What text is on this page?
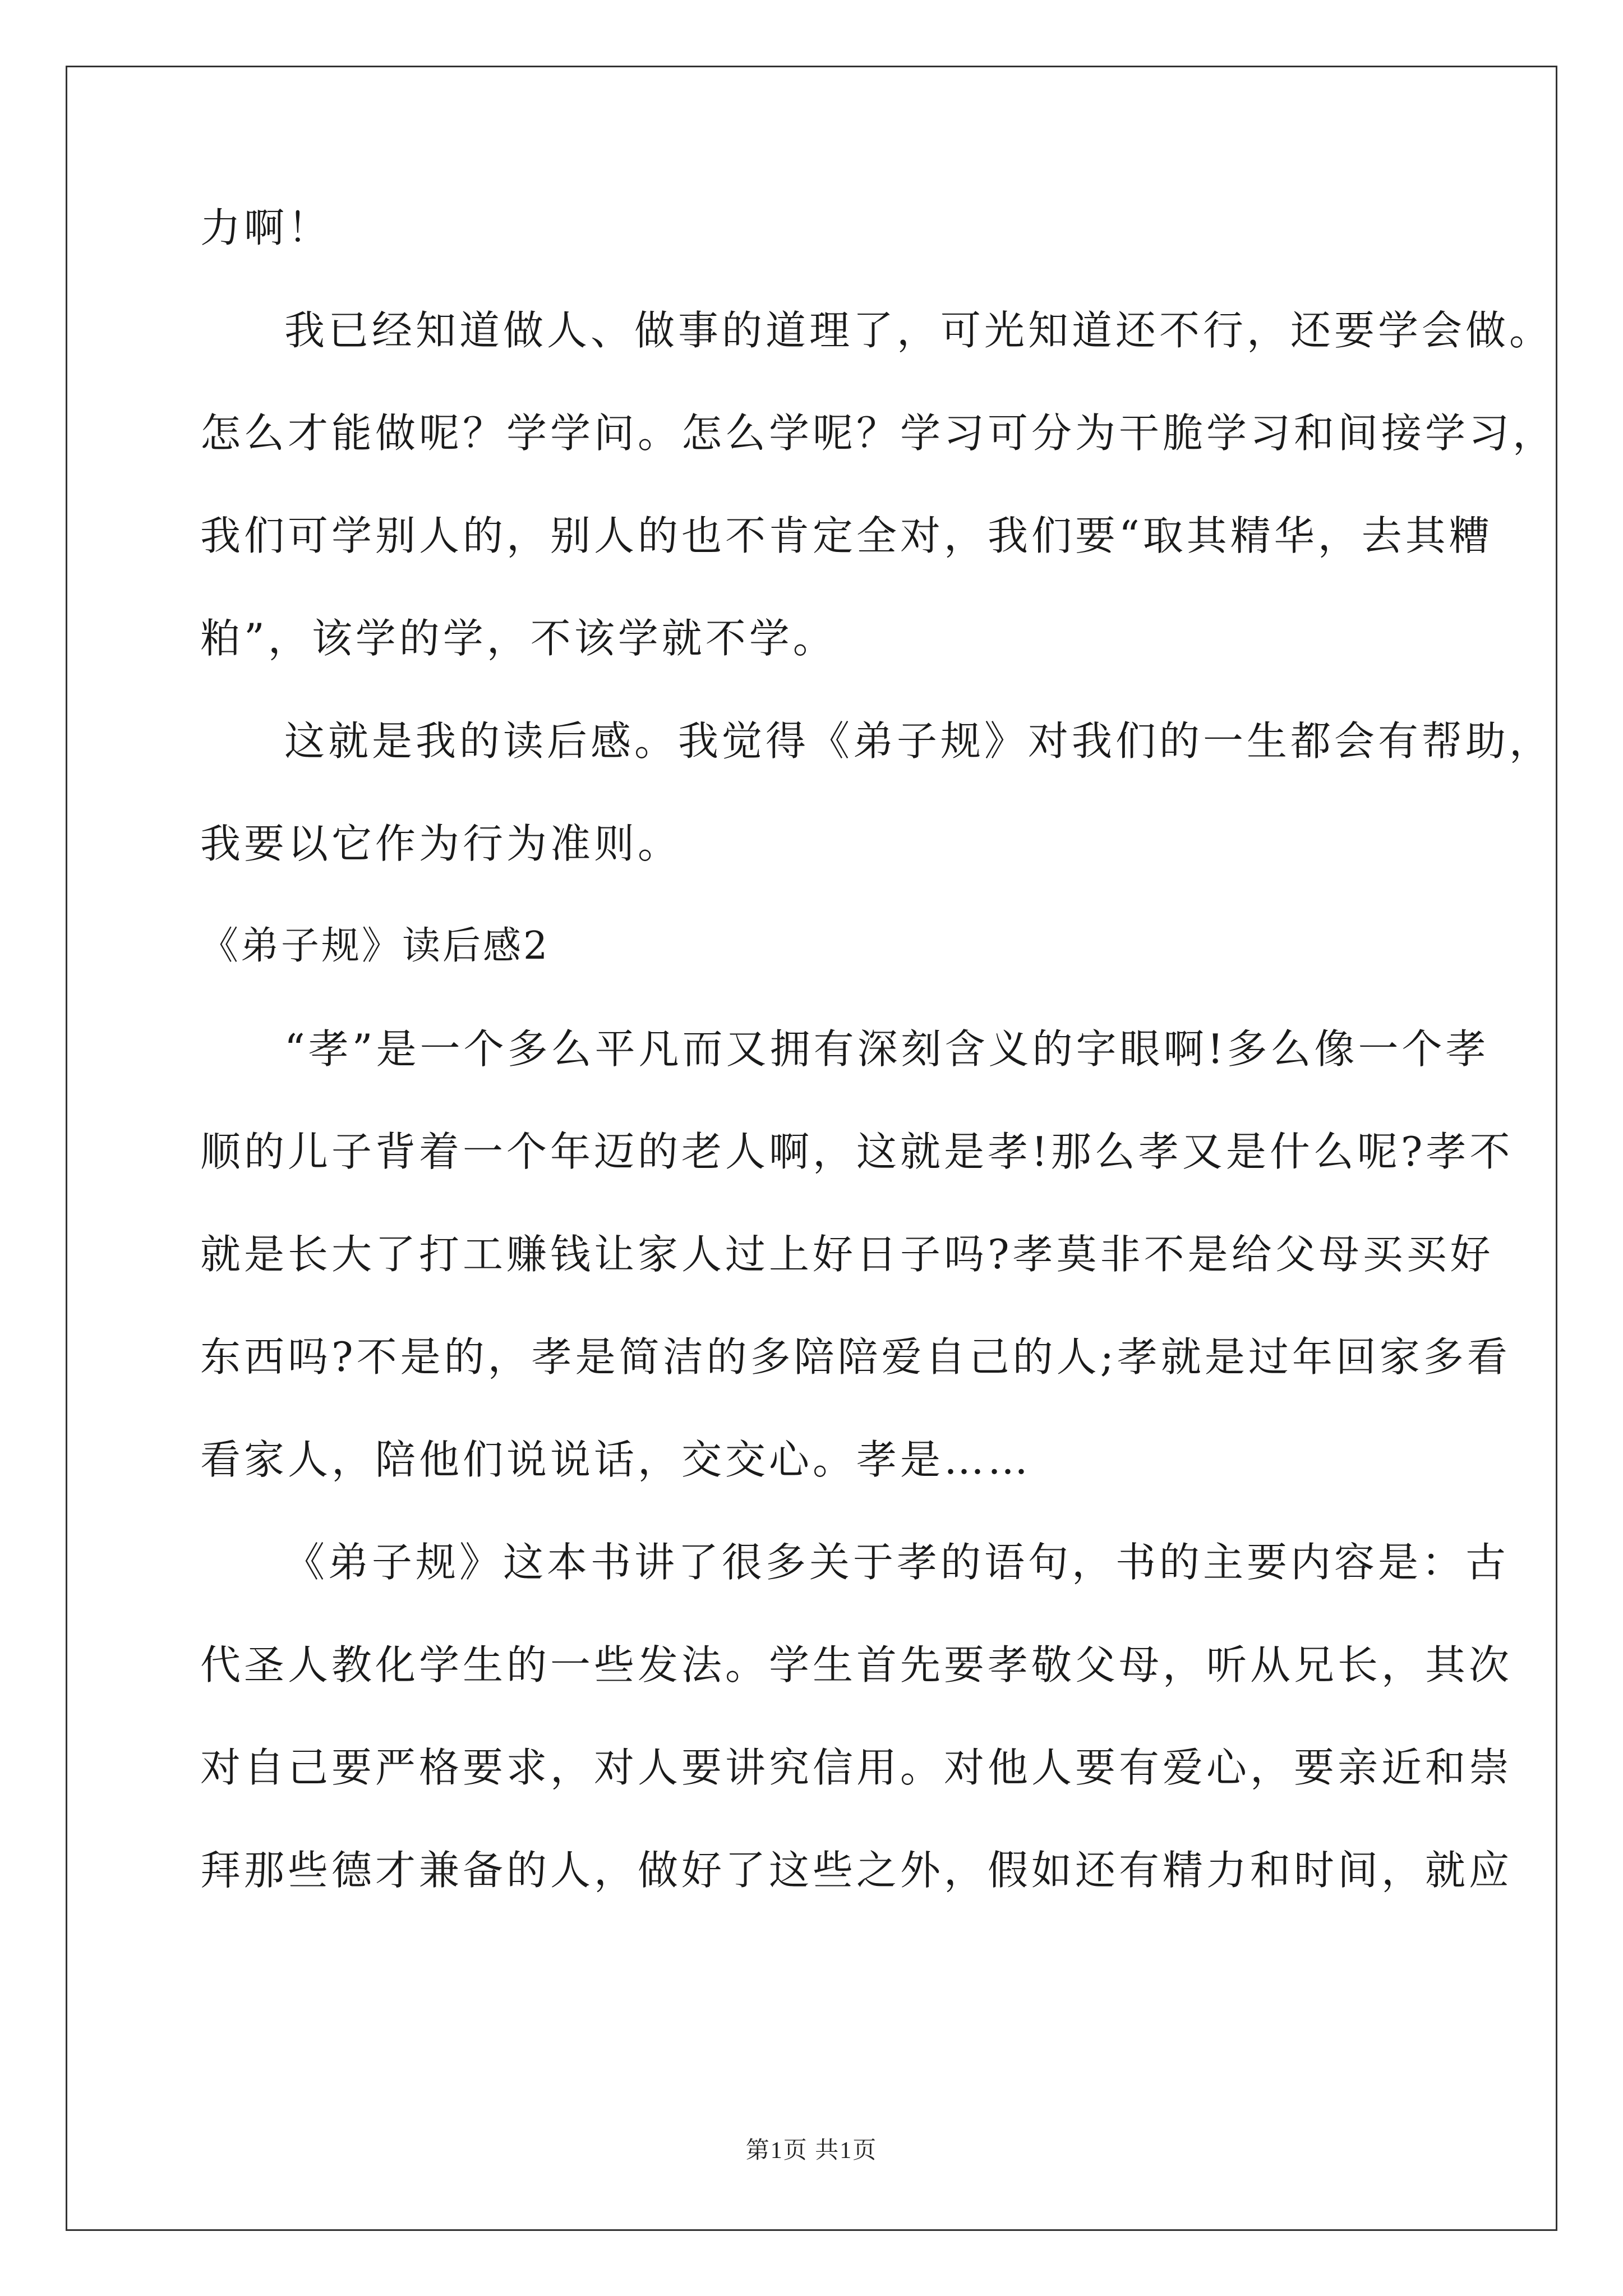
力啊！
我已经知道做人、做事的道理了，可光知道还不行，还要学会做。
怎么才能做呢？学学问。怎么学呢？学习可分为干脆学习和间接学习，
我们可学别人的，别人的也不肯定全对，我们要“取其精华，去其糟
粕”，该学的学，不该学就不学。
这就是我的读后感。我觉得《弟子规》对我们的一生都会有帮助，
我要以它作为行为准则。
《弟子规》读后感2
“孝”是一个多么平凡而又拥有深刻含义的字眼啊!多么像一个孝
顺的儿子背着一个年迈的老人啊，这就是孝!那么孝又是什么呢?孝不
就是长大了打工赚钱让家人过上好日子吗?孝莫非不是给父母买买好
东西吗?不是的，孝是简洁的多陪陪爱自己的人;孝就是过年回家多看
看家人，陪他们说说话，交交心。孝是……
《弟子规》这本书讲了很多关于孝的语句，书的主要内容是：古
代圣人教化学生的一些发法。学生首先要孝敬父母，听从兄长，其次
对自己要严格要求，对人要讲究信用。对他人要有爱心，要亲近和崇
拜那些德才兼备的人，做好了这些之外，假如还有精力和时间，就应
第1页 共1页
